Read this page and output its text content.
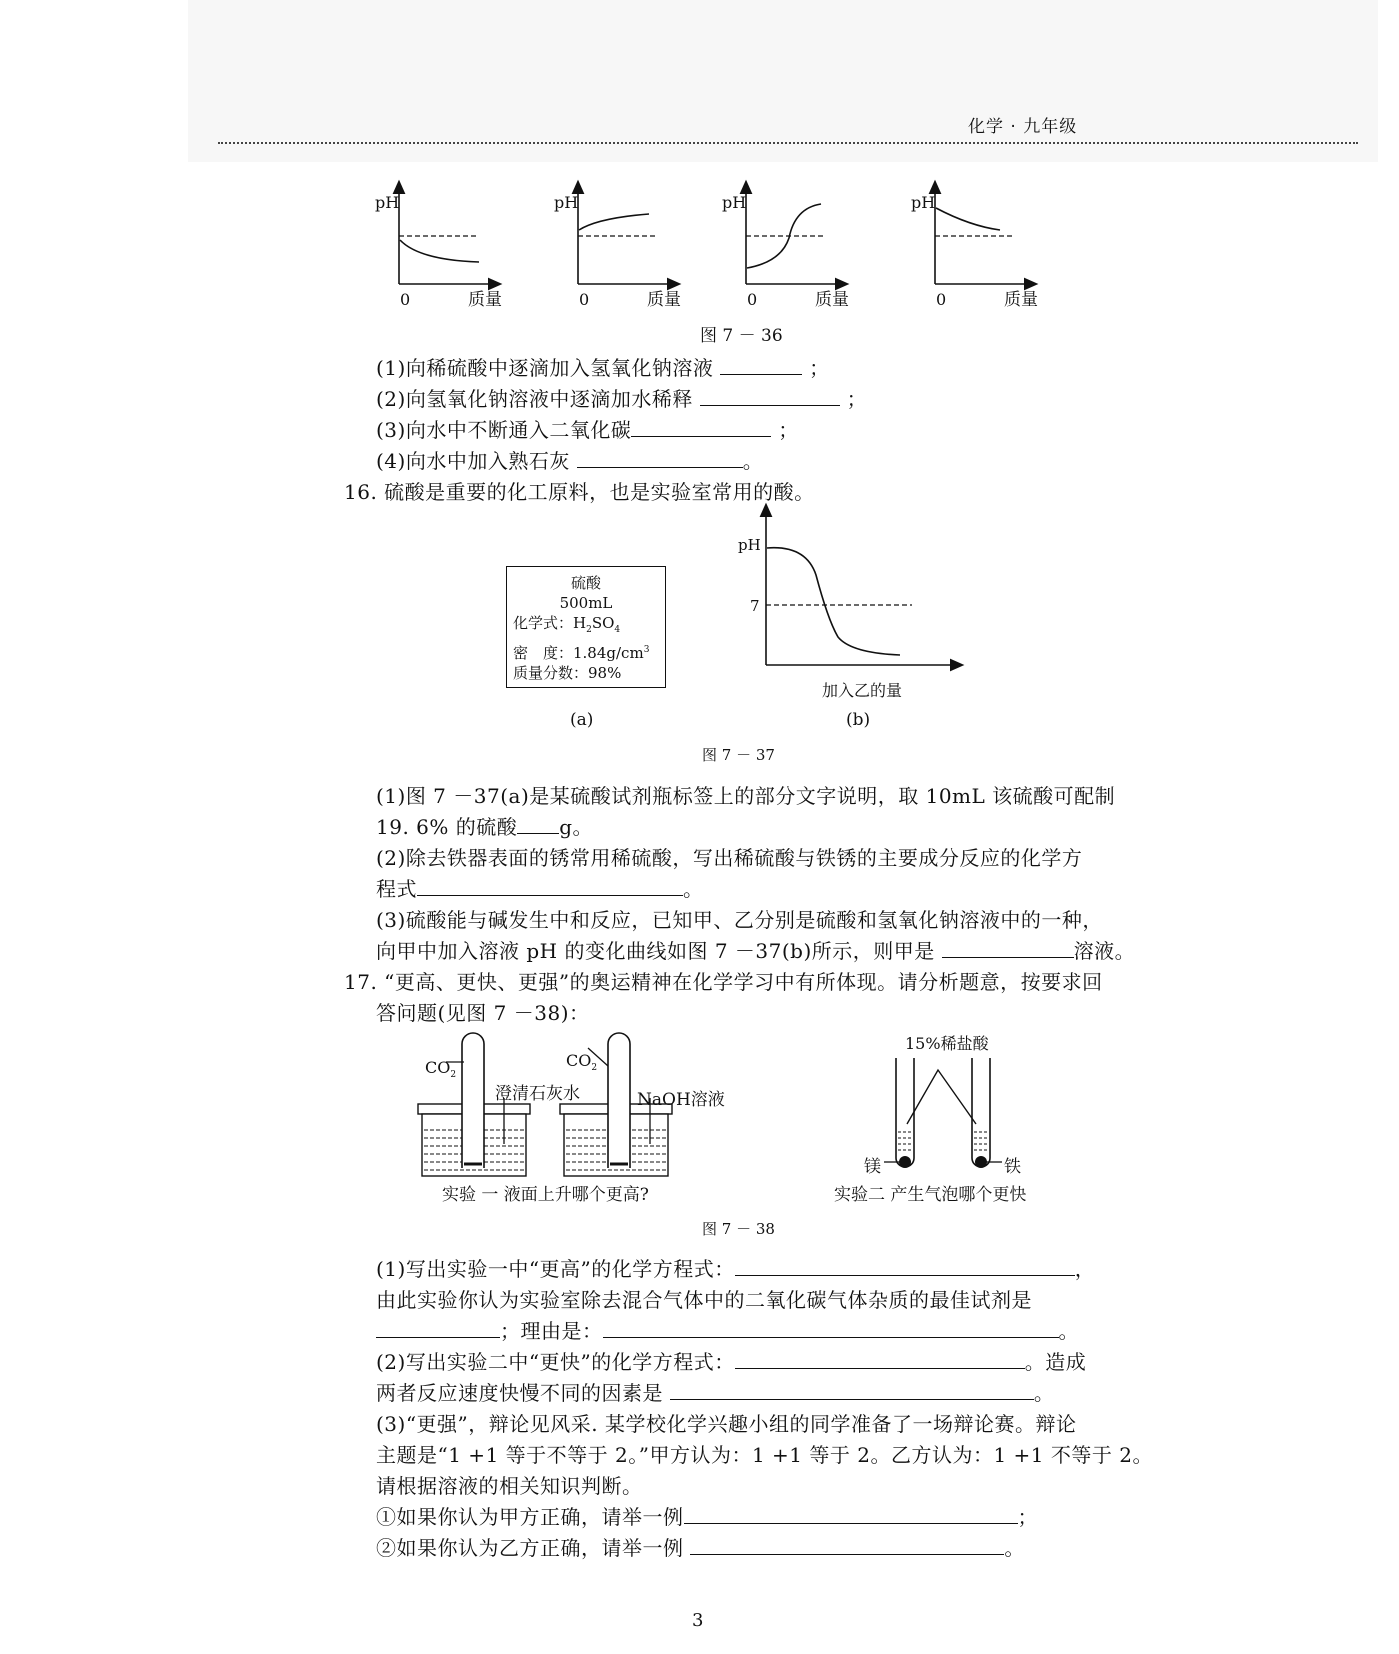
化学 · 九年级
pH
0	质量
pH
0	质量
pH
0	质量
pH
0	质量
图 7 － 36
(1)向稀硫酸中逐滴加入氢氧化钠溶液	；
(2)向氢氧化钠溶液中逐滴加水稀释	；
(3)向水中不断通入二氧化碳	；
(4)向水中加入熟石灰	。
16. 硫酸是重要的化工原料，也是实验室常用的酸。
硫酸
500mL
化学式：$H_2SO_4$
密　度：$1.84g/cm^3$
质量分数：98%
pH
7
加入乙的量
(a)	(b)
图 7 － 37
(1)图 7 －37(a)是某硫酸试剂瓶标签上的部分文字说明，取 10mL 该硫酸可配制
19. 6% 的硫酸 g。
(2)除去铁器表面的锈常用稀硫酸，写出稀硫酸与铁锈的主要成分反应的化学方
程式	。
(3)硫酸能与碱发生中和反应，已知甲、乙分别是硫酸和氢氧化钠溶液中的一种，
向甲中加入溶液 pH 的变化曲线如图 7 －37(b)所示，则甲是	溶液。
17. “更高、更快、更强”的奥运精神在化学学习中有所体现。请分析题意，按要求回
答问题(见图 7 －38)：
$CO_2$
$CO_2$
澄清石灰水	NaOH溶液
实验 一 液面上升哪个更高?
15%稀盐酸
镁	铁
实验二 产生气泡哪个更快
图 7 － 38
(1)写出实验一中“更高”的化学方程式：	，
由此实验你认为实验室除去混合气体中的二氧化碳气体杂质的最佳试剂是
；理由是：	。
(2)写出实验二中“更快”的化学方程式：	。造成
两者反应速度快慢不同的因素是	。
(3)“更强”，辩论见风采. 某学校化学兴趣小组的同学准备了一场辩论赛。辩论
主题是“1 +1 等于不等于 2。”甲方认为：1 +1 等于 2。乙方认为：1 +1 不等于 2。
请根据溶液的相关知识判断。
①如果你认为甲方正确，请举一例	；
②如果你认为乙方正确，请举一例	。
3
